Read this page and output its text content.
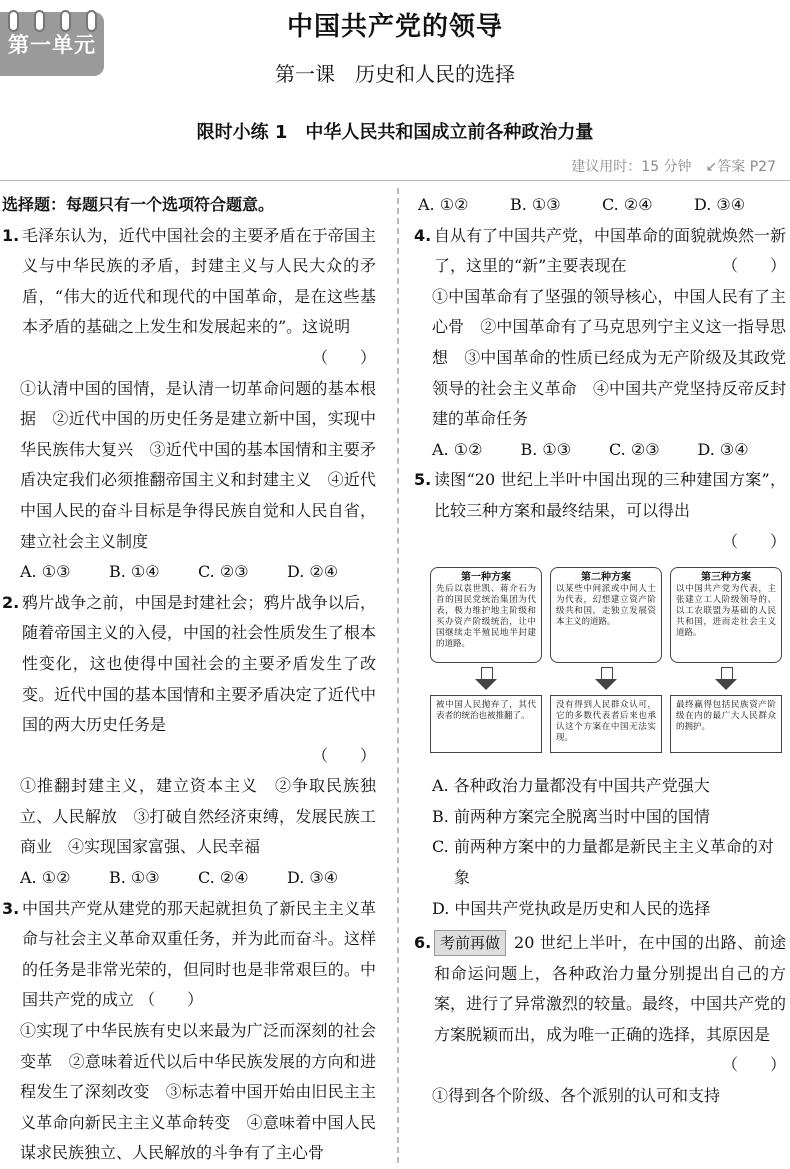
第一单元
中国共产党的领导
第一课　历史和人民的选择
限时小练 1　中华人民共和国成立前各种政治力量
建议用时：15 分钟　↙答案 P27
选择题：每题只有一个选项符合题意。
1. 毛泽东认为，近代中国社会的主要矛盾在于帝国主义与中华民族的矛盾，封建主义与人民大众的矛盾，“伟大的近代和现代的中国革命，是在这些基本矛盾的基础之上发生和发展起来的”。这说明
（　　）
①认清中国的国情，是认清一切革命问题的基本根据　②近代中国的历史任务是建立新中国，实现中华民族伟大复兴　③近代中国的基本国情和主要矛盾决定我们必须推翻帝国主义和封建主义　④近代中国人民的奋斗目标是争得民族自觉和人民自省，建立社会主义制度
A. ①③	B. ①④	C. ②③	D. ②④
2. 鸦片战争之前，中国是封建社会；鸦片战争以后，随着帝国主义的入侵，中国的社会性质发生了根本性变化，这也使得中国社会的主要矛盾发生了改变。近代中国的基本国情和主要矛盾决定了近代中国的两大历史任务是
（　　）
①推翻封建主义，建立资本主义　②争取民族独立、人民解放　③打破自然经济束缚，发展民族工商业　④实现国家富强、人民幸福
A. ①②	B. ①③	C. ②④	D. ③④
3. 中国共产党从建党的那天起就担负了新民主主义革命与社会主义革命双重任务，并为此而奋斗。这样的任务是非常光荣的，但同时也是非常艰巨的。中国共产党的成立 （　　）
①实现了中华民族有史以来最为广泛而深刻的社会变革　②意味着近代以后中华民族发展的方向和进程发生了深刻改变　③标志着中国开始由旧民主主义革命向新民主主义革命转变　④意味着中国人民谋求民族独立、人民解放的斗争有了主心骨
A. ①②	B. ①③	C. ②④	D. ③④
4. 自从有了中国共产党，中国革命的面貌就焕然一新了，这里的“新”主要表现在	（　　）
①中国革命有了坚强的领导核心，中国人民有了主心骨　②中国革命有了马克思列宁主义这一指导思想　③中国革命的性质已经成为无产阶级及其政党领导的社会主义革命　④中国共产党坚持反帝反封建的革命任务
A. ①②	B. ①③	C. ②③	D. ③④
5. 读图“20 世纪上半叶中国出现的三种建国方案”，比较三种方案和最终结果，可以得出
（　　）
第一种方案
先后以袁世凯、蒋介石为首的国民党统治集团为代表，极力维护地主阶级和买办资产阶级统治，让中国继续走半殖民地半封建的道路。
第二种方案
以某些中间派或中间人士为代表，幻想建立资产阶级共和国，走独立发展资本主义的道路。
第三种方案
以中国共产党为代表，主张建立工人阶级领导的、以工农联盟为基础的人民共和国，进而走社会主义道路。
被中国人民抛弃了，其代表者的统治也被推翻了。
没有得到人民群众认可，它的多数代表者后来也承认这个方案在中国无法实现。
最终赢得包括民族资产阶级在内的最广大人民群众的拥护。
A. 各种政治力量都没有中国共产党强大
B. 前两种方案完全脱离当时中国的国情
C. 前两种方案中的力量都是新民主主义革命的对象
D. 中国共产党执政是历史和人民的选择
6. 考前再做 20 世纪上半叶，在中国的出路、前途和命运问题上，各种政治力量分别提出自己的方案，进行了异常激烈的较量。最终，中国共产党的方案脱颖而出，成为唯一正确的选择，其原因是
（　　）
①得到各个阶级、各个派别的认可和支持
